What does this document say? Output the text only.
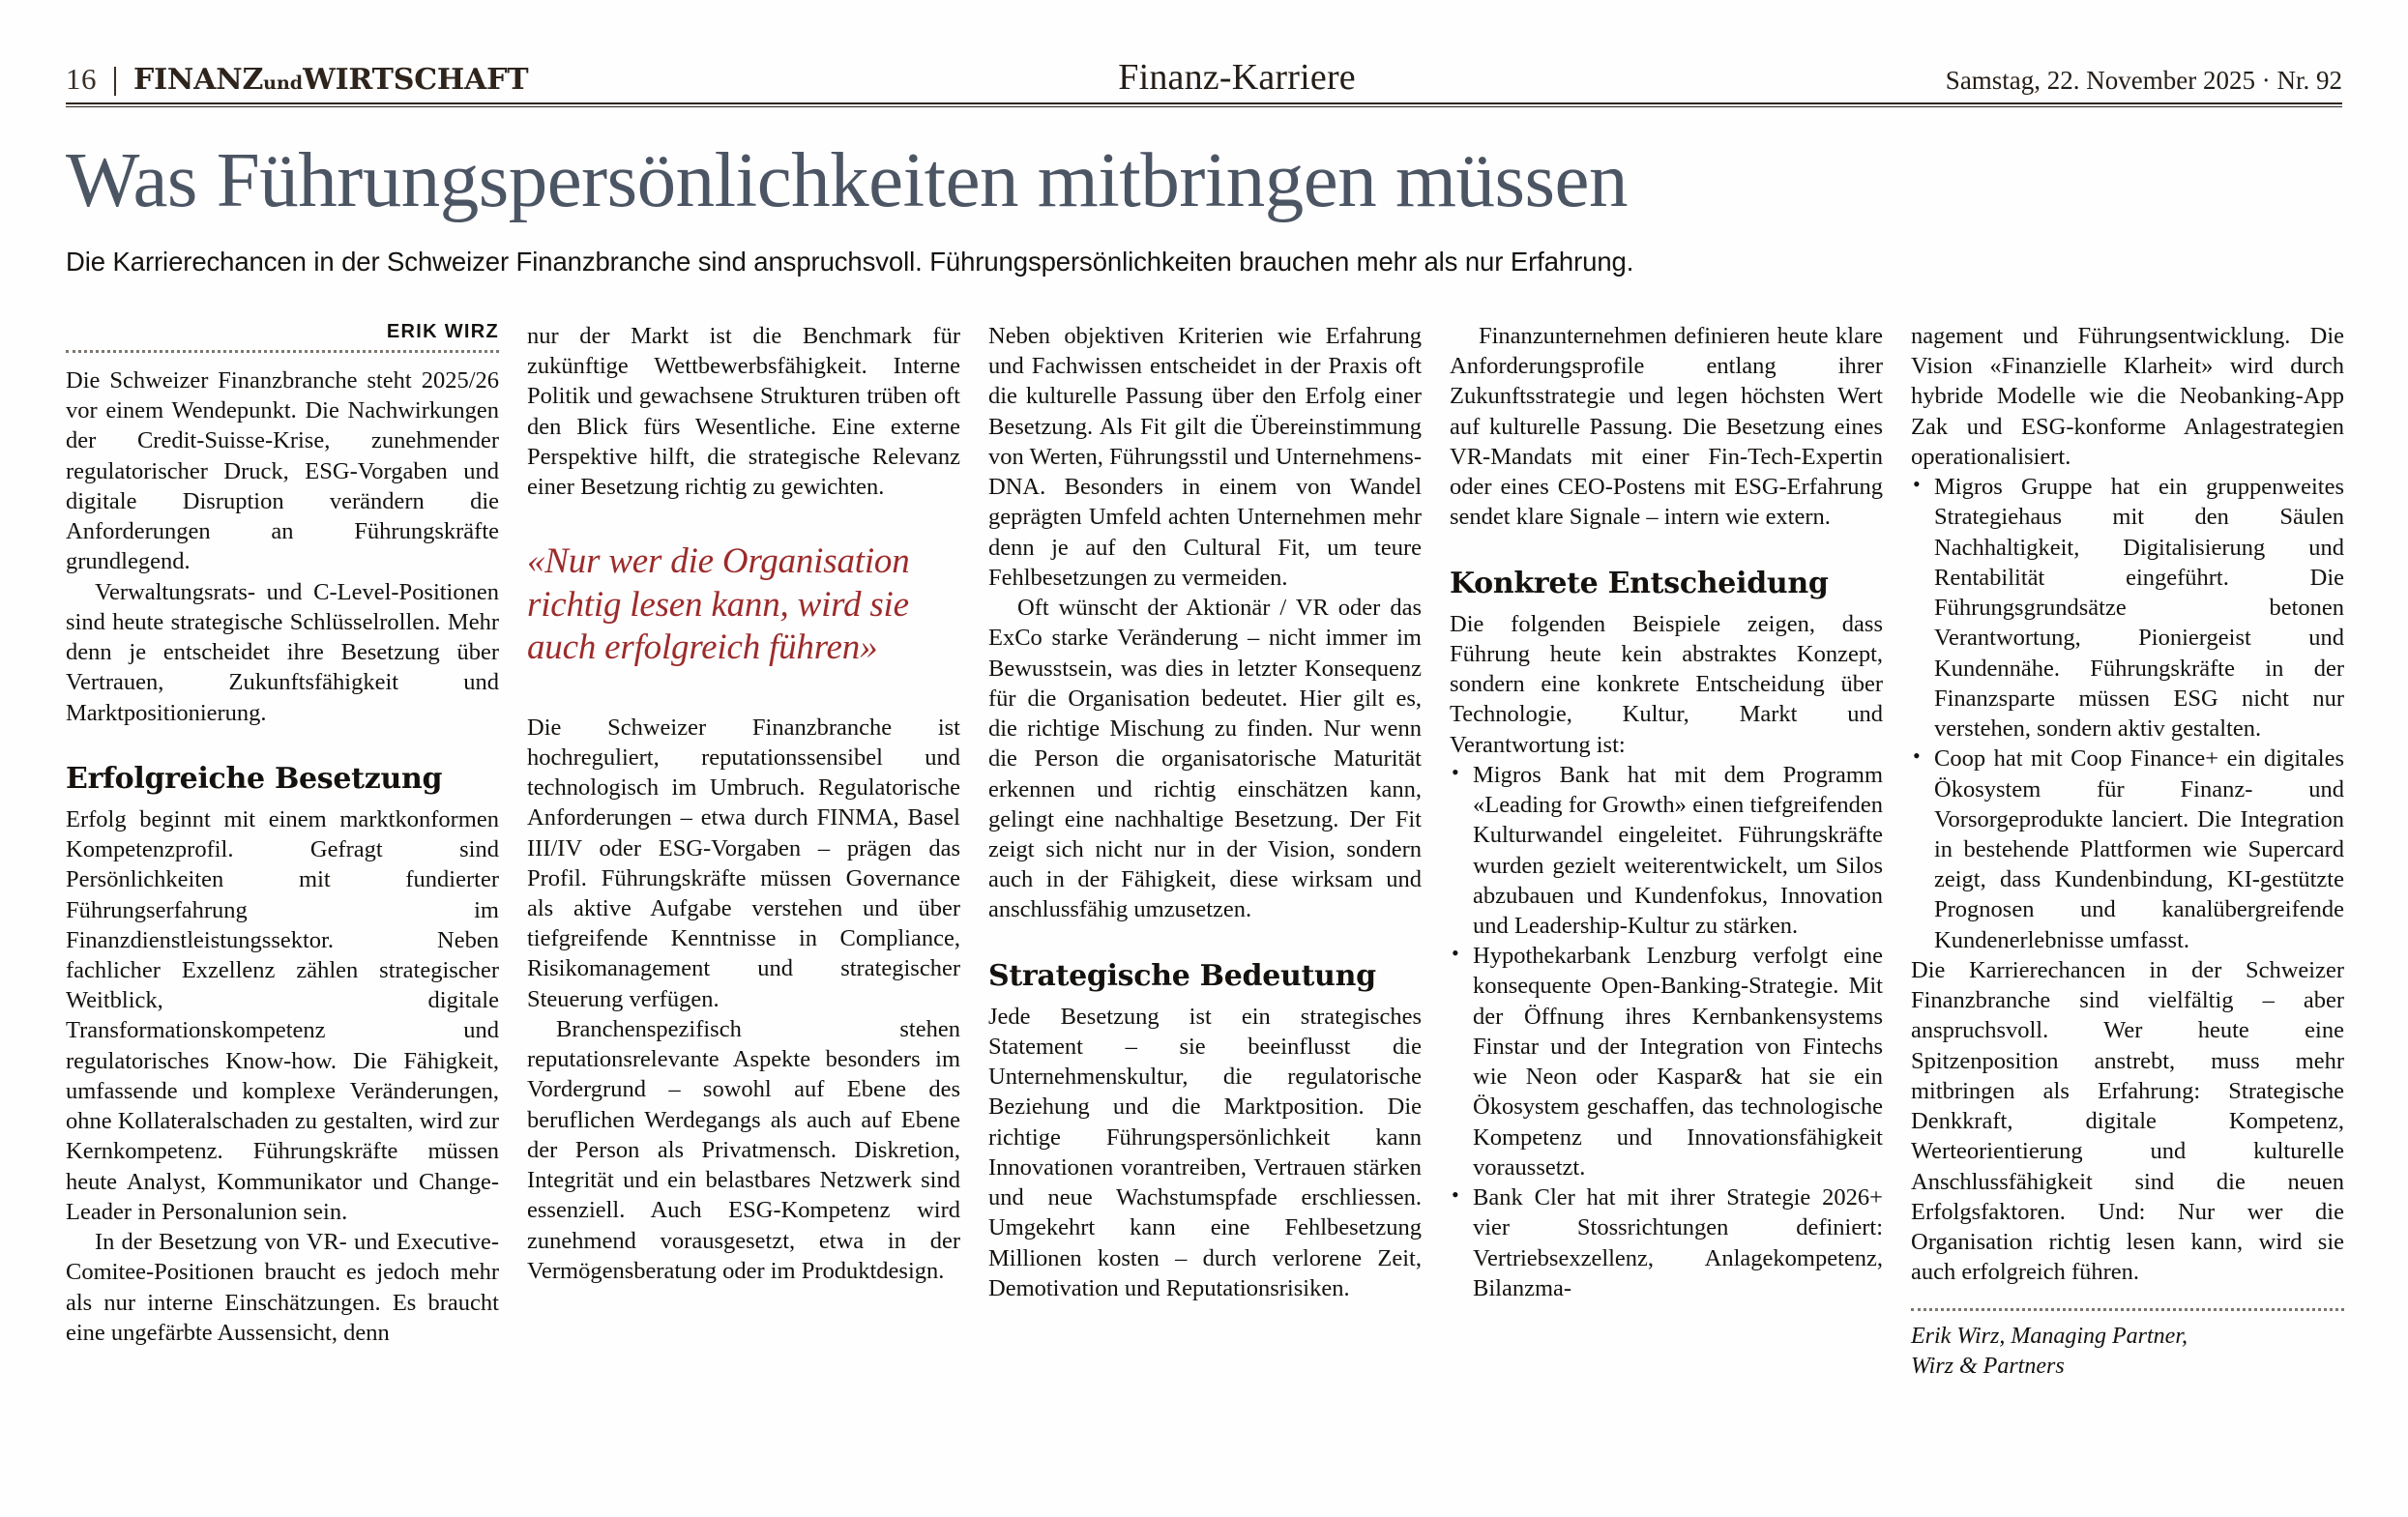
16 FINANZundWIRTSCHAFT	Finanz-Karriere	Samstag, 22. November 2025 · Nr. 92
Was Führungspersönlichkeiten mitbringen müssen

Die Karrierechancen in der Schweizer Finanzbranche sind anspruchsvoll. Führungspersönlichkeiten brauchen mehr als nur Erfahrung.

ERIK WIRZ

Die Schweizer Finanzbranche steht 2025/26 vor einem Wendepunkt. Die Nachwirkungen der Credit-Suisse-Krise, zunehmender regulatorischer Druck, ESG-Vorgaben und digitale Disruption verändern die Anforderungen an Führungskräfte grundlegend.

Verwaltungsrats- und C-Level-Positionen sind heute strategische Schlüsselrollen. Mehr denn je entscheidet ihre Besetzung über Vertrauen, Zukunftsfähigkeit und Marktpositionierung.

Erfolgreiche Besetzung

Erfolg beginnt mit einem marktkonformen Kompetenzprofil. Gefragt sind Persönlichkeiten mit fundierter Führungserfahrung im Finanzdienstleistungssektor. Neben fachlicher Exzellenz zählen strategischer Weitblick, digitale Transformationskompetenz und regulatorisches Know-how. Die Fähigkeit, umfassende und komplexe Veränderungen, ohne Kollateralschaden zu gestalten, wird zur Kernkompetenz. Führungskräfte müssen heute Analyst, Kommunikator und Change-Leader in Personalunion sein.

In der Besetzung von VR- und Executive-Comitee-Positionen braucht es jedoch mehr als nur interne Einschätzungen. Es braucht eine ungefärbte Aussensicht, denn

nur der Markt ist die Benchmark für zukünftige Wettbewerbsfähigkeit. Interne Politik und gewachsene Strukturen trüben oft den Blick fürs Wesentliche. Eine externe Perspektive hilft, die strategische Relevanz einer Besetzung richtig zu gewichten.

«Nur wer die Organisation richtig lesen kann, wird sie auch erfolgreich führen»

Die Schweizer Finanzbranche ist hochreguliert, reputationssensibel und technologisch im Umbruch. Regulatorische Anforderungen – etwa durch FINMA, Basel III/IV oder ESG-Vorgaben – prägen das Profil. Führungskräfte müssen Governance als aktive Aufgabe verstehen und über tiefgreifende Kenntnisse in Compliance, Risikomanagement und strategischer Steuerung verfügen.

Branchenspezifisch stehen reputationsrelevante Aspekte besonders im Vordergrund – sowohl auf Ebene des beruflichen Werdegangs als auch auf Ebene der Person als Privatmensch. Diskretion, Integrität und ein belastbares Netzwerk sind essenziell. Auch ESG-Kompetenz wird zunehmend vorausgesetzt, etwa in der Vermögensberatung oder im Produktdesign.

Neben objektiven Kriterien wie Erfahrung und Fachwissen entscheidet in der Praxis oft die kulturelle Passung über den Erfolg einer Besetzung. Als Fit gilt die Übereinstimmung von Werten, Führungsstil und Unternehmens-DNA. Besonders in einem von Wandel geprägten Umfeld achten Unternehmen mehr denn je auf den Cultural Fit, um teure Fehlbesetzungen zu vermeiden.

Oft wünscht der Aktionär / VR oder das ExCo starke Veränderung – nicht immer im Bewusstsein, was dies in letzter Konsequenz für die Organisation bedeutet. Hier gilt es, die richtige Mischung zu finden. Nur wenn die Person die organisatorische Maturität erkennen und richtig einschätzen kann, gelingt eine nachhaltige Besetzung. Der Fit zeigt sich nicht nur in der Vision, sondern auch in der Fähigkeit, diese wirksam und anschlussfähig umzusetzen.

Strategische Bedeutung

Jede Besetzung ist ein strategisches Statement – sie beeinflusst die Unternehmenskultur, die regulatorische Beziehung und die Marktposition. Die richtige Führungspersönlichkeit kann Innovationen vorantreiben, Vertrauen stärken und neue Wachstumspfade erschliessen. Umgekehrt kann eine Fehlbesetzung Millionen kosten – durch verlorene Zeit, Demotivation und Reputationsrisiken.

Finanzunternehmen definieren heute klare Anforderungsprofile entlang ihrer Zukunftsstrategie und legen höchsten Wert auf kulturelle Passung. Die Besetzung eines VR-Mandats mit einer Fin-Tech-Expertin oder eines CEO-Postens mit ESG-Erfahrung sendet klare Signale – intern wie extern.

Konkrete Entscheidung

Die folgenden Beispiele zeigen, dass Führung heute kein abstraktes Konzept, sondern eine konkrete Entscheidung über Technologie, Kultur, Markt und Verantwortung ist:

• Migros Bank hat mit dem Programm «Leading for Growth» einen tiefgreifenden Kulturwandel eingeleitet. Führungskräfte wurden gezielt weiterentwickelt, um Silos abzubauen und Kundenfokus, Innovation und Leadership-Kultur zu stärken.
• Hypothekarbank Lenzburg verfolgt eine konsequente Open-Banking-Strategie. Mit der Öffnung ihres Kernbankensystems Finstar und der Integration von Fintechs wie Neon oder Kaspar& hat sie ein Ökosystem geschaffen, das technologische Kompetenz und Innovationsfähigkeit voraussetzt.
• Bank Cler hat mit ihrer Strategie 2026+ vier Stossrichtungen definiert: Vertriebsexzellenz, Anlagekompetenz, Bilanzma-

nagement und Führungsentwicklung. Die Vision «Finanzielle Klarheit» wird durch hybride Modelle wie die Neobanking-App Zak und ESG-konforme Anlagestrategien operationalisiert.

• Migros Gruppe hat ein gruppenweites Strategiehaus mit den Säulen Nachhaltigkeit, Digitalisierung und Rentabilität eingeführt. Die Führungsgrundsätze betonen Verantwortung, Pioniergeist und Kundennähe. Führungskräfte in der Finanzsparte müssen ESG nicht nur verstehen, sondern aktiv gestalten.
• Coop hat mit Coop Finance+ ein digitales Ökosystem für Finanz- und Vorsorgeprodukte lanciert. Die Integration in bestehende Plattformen wie Supercard zeigt, dass Kundenbindung, KI-gestützte Prognosen und kanalübergreifende Kundenerlebnisse umfasst.

Die Karrierechancen in der Schweizer Finanzbranche sind vielfältig – aber anspruchsvoll. Wer heute eine Spitzenposition anstrebt, muss mehr mitbringen als Erfahrung: Strategische Denkkraft, digitale Kompetenz, Werteorientierung und kulturelle Anschlussfähigkeit sind die neuen Erfolgsfaktoren. Und: Nur wer die Organisation richtig lesen kann, wird sie auch erfolgreich führen.

Erik Wirz, Managing Partner,
Wirz & Partners
